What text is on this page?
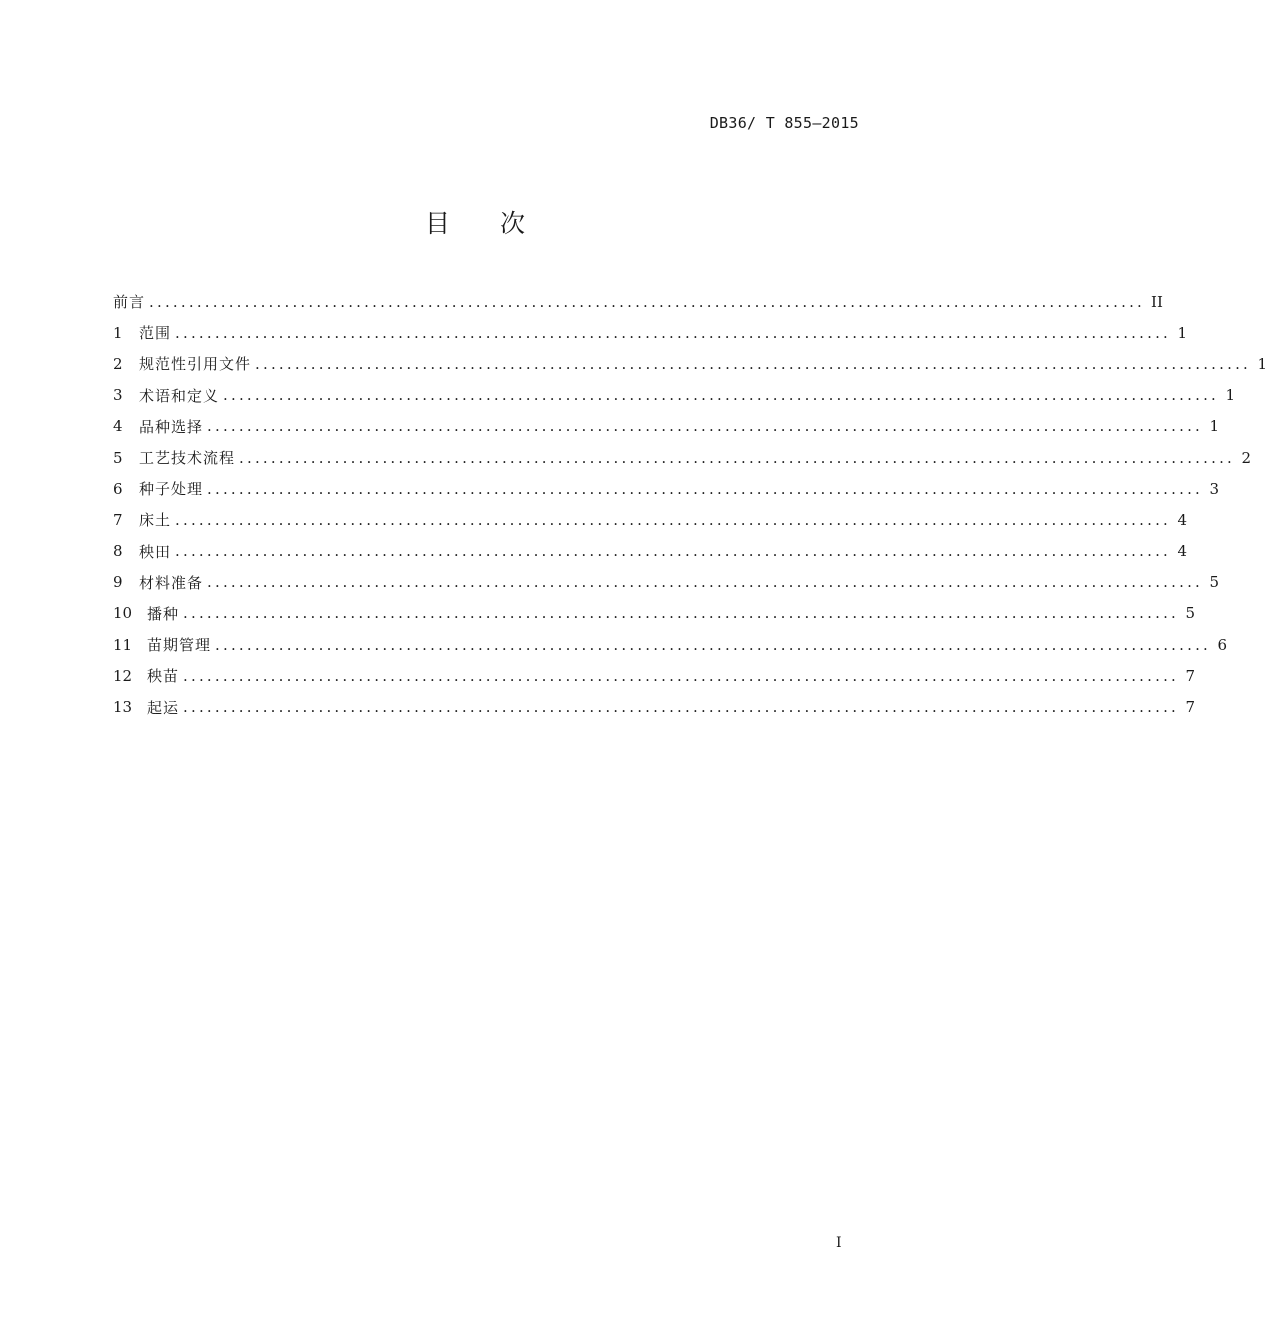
DB36/ T 855—2015
目 次
前言 ............................................................................................................................. II
1	范围 ............................................................................................................................. 1
2	规范性引用文件 ............................................................................................................................. 1
3	术语和定义 ............................................................................................................................. 1
4	品种选择 ............................................................................................................................. 1
5	工艺技术流程 ............................................................................................................................. 2
6	种子处理 ............................................................................................................................. 3
7	床土 ............................................................................................................................. 4
8	秧田 ............................................................................................................................. 4
9	材料准备 ............................................................................................................................. 5
10 播种 ............................................................................................................................. 5
11 苗期管理 ............................................................................................................................. 6
12 秧苗 ............................................................................................................................. 7
13 起运 ............................................................................................................................. 7
I
